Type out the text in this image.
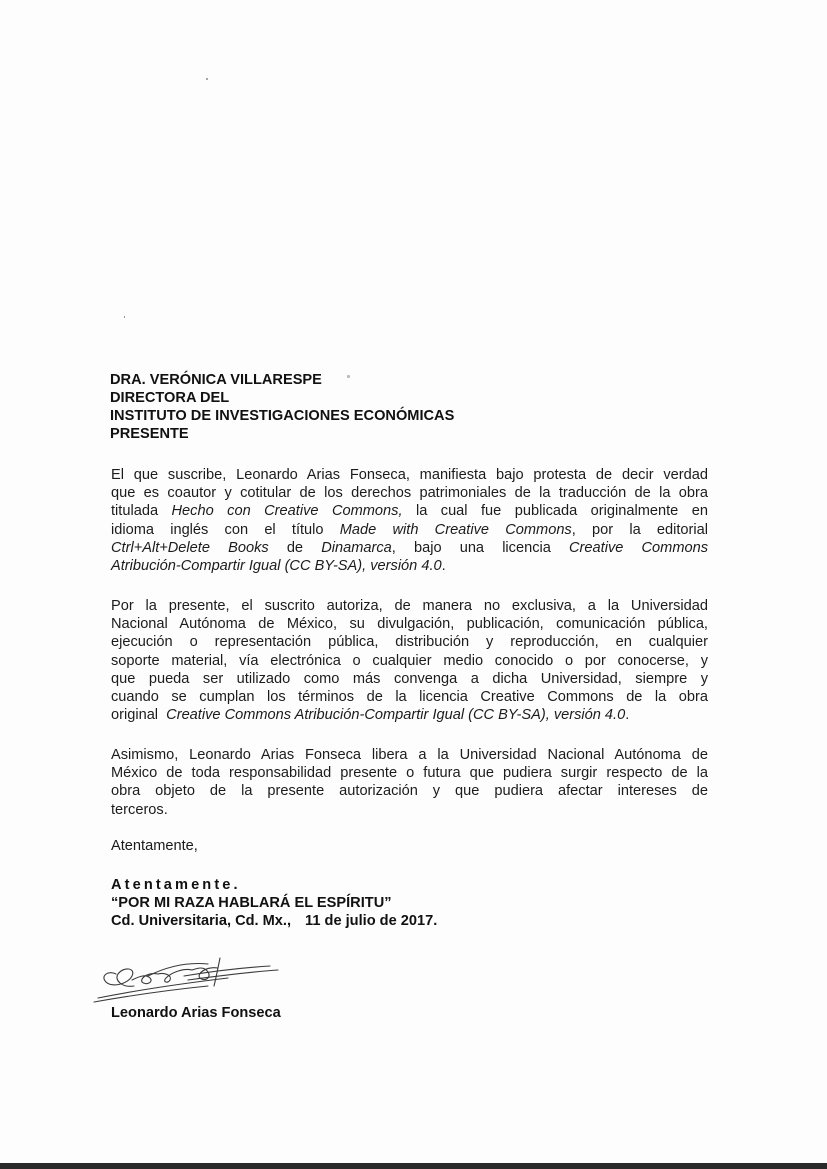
DRA. VERÓNICA VILLARESPE
DIRECTORA DEL
INSTITUTO DE INVESTIGACIONES ECONÓMICAS
PRESENTE
El que suscribe, Leonardo Arias Fonseca, manifiesta bajo protesta de decir verdad
que es coautor y cotitular de los derechos patrimoniales de la traducción de la obra
titulada Hecho con Creative Commons, la cual fue publicada originalmente en
idioma inglés con el título Made with Creative Commons, por la editorial
Ctrl+Alt+Delete Books de Dinamarca, bajo una licencia Creative Commons
Atribución-Compartir Igual (CC BY-SA), versión 4.0.
Por la presente, el suscrito autoriza, de manera no exclusiva, a la Universidad
Nacional Autónoma de México, su divulgación, publicación, comunicación pública,
ejecución o representación pública, distribución y reproducción, en cualquier
soporte material, vía electrónica o cualquier medio conocido o por conocerse, y
que pueda ser utilizado como más convenga a dicha Universidad, siempre y
cuando se cumplan los términos de la licencia Creative Commons de la obra
original  Creative Commons Atribución-Compartir Igual (CC BY-SA), versión 4.0.
Asimismo, Leonardo Arias Fonseca libera a la Universidad Nacional Autónoma de
México de toda responsabilidad presente o futura que pudiera surgir respecto de la
obra objeto de la presente autorización y que pudiera afectar intereses de
terceros.
Atentamente,
Atentamente.
“POR MI RAZA HABLARÁ EL ESPÍRITU”
Cd. Universitaria, Cd. Mx., 11 de julio de 2017.
Leonardo Arias Fonseca
